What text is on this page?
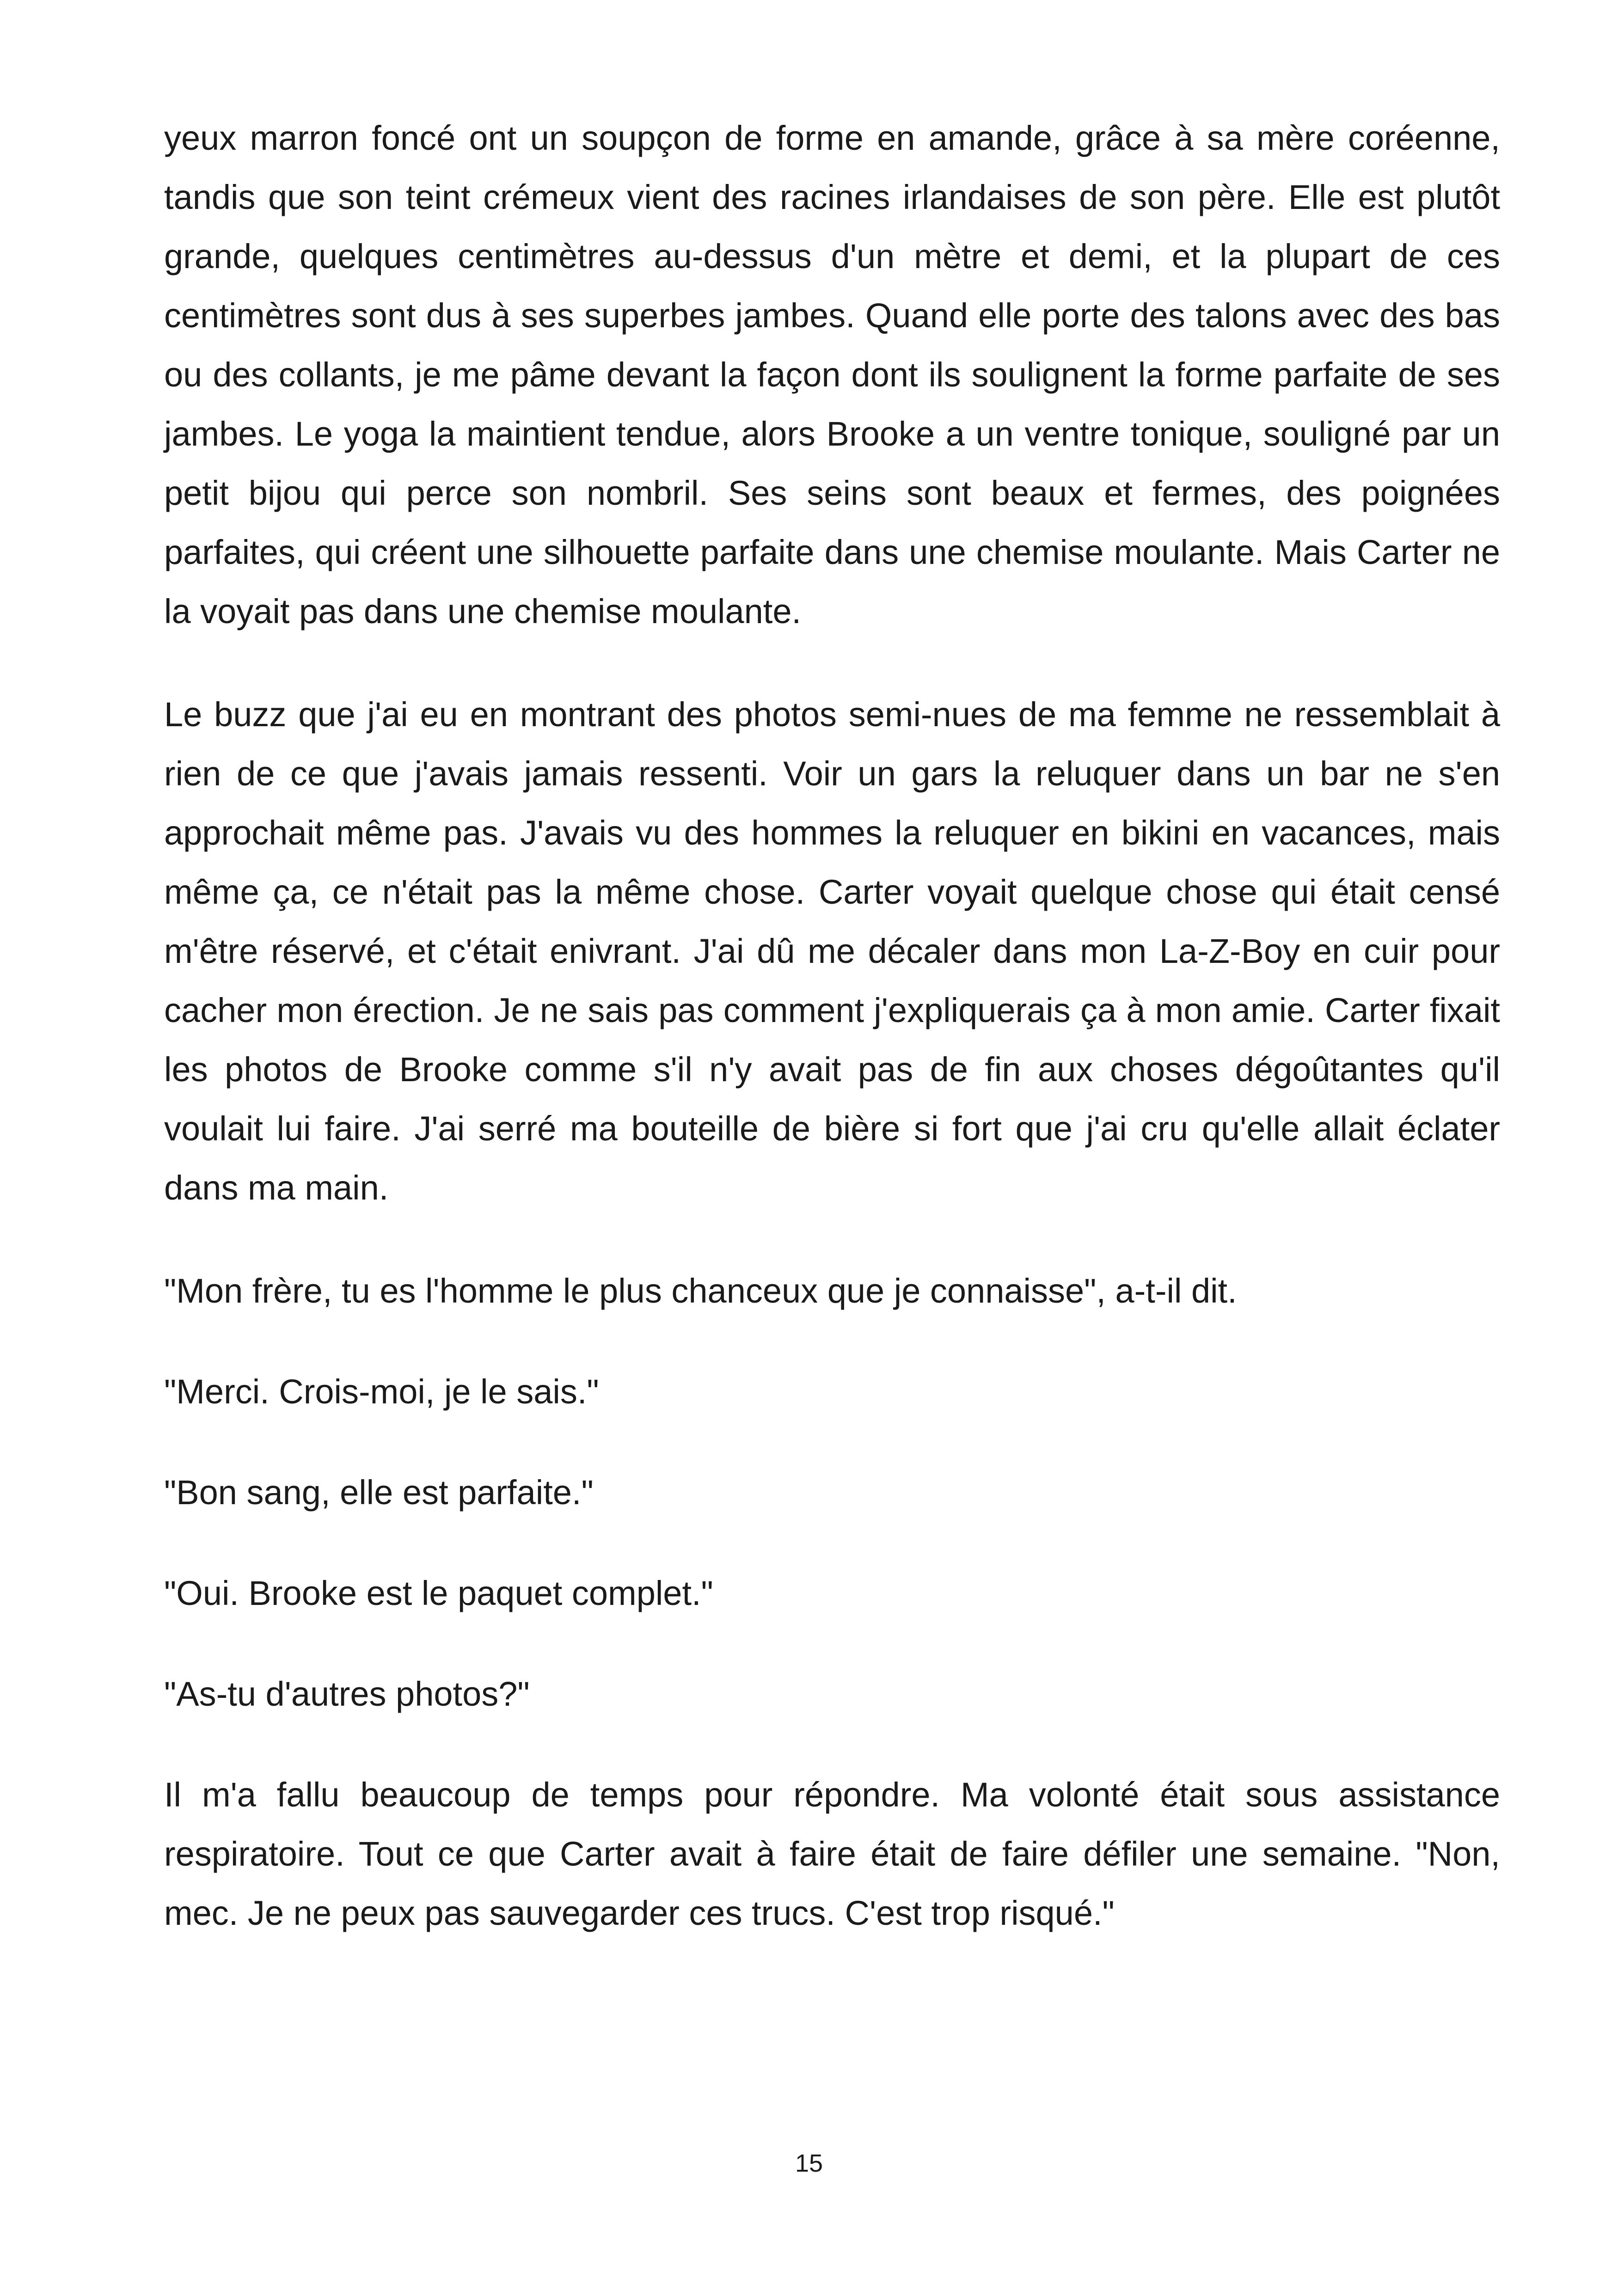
yeux marron foncé ont un soupçon de forme en amande, grâce à sa mère coréenne, tandis que son teint crémeux vient des racines irlandaises de son père. Elle est plutôt grande, quelques centimètres au-dessus d'un mètre et demi, et la plupart de ces centimètres sont dus à ses superbes jambes. Quand elle porte des talons avec des bas ou des collants, je me pâme devant la façon dont ils soulignent la forme parfaite de ses jambes. Le yoga la maintient tendue, alors Brooke a un ventre tonique, souligné par un petit bijou qui perce son nombril. Ses seins sont beaux et fermes, des poignées parfaites, qui créent une silhouette parfaite dans une chemise moulante. Mais Carter ne la voyait pas dans une chemise moulante.

Le buzz que j'ai eu en montrant des photos semi-nues de ma femme ne ressemblait à rien de ce que j'avais jamais ressenti. Voir un gars la reluquer dans un bar ne s'en approchait même pas. J'avais vu des hommes la reluquer en bikini en vacances, mais même ça, ce n'était pas la même chose. Carter voyait quelque chose qui était censé m'être réservé, et c'était enivrant. J'ai dû me décaler dans mon La-Z-Boy en cuir pour cacher mon érection. Je ne sais pas comment j'expliquerais ça à mon amie. Carter fixait les photos de Brooke comme s'il n'y avait pas de fin aux choses dégoûtantes qu'il voulait lui faire. J'ai serré ma bouteille de bière si fort que j'ai cru qu'elle allait éclater dans ma main.

"Mon frère, tu es l'homme le plus chanceux que je connaisse", a-t-il dit.

"Merci. Crois-moi, je le sais."

"Bon sang, elle est parfaite."

"Oui. Brooke est le paquet complet."

"As-tu d'autres photos?"

Il m'a fallu beaucoup de temps pour répondre. Ma volonté était sous assistance respiratoire. Tout ce que Carter avait à faire était de faire défiler une semaine. "Non, mec. Je ne peux pas sauvegarder ces trucs. C'est trop risqué."

15
